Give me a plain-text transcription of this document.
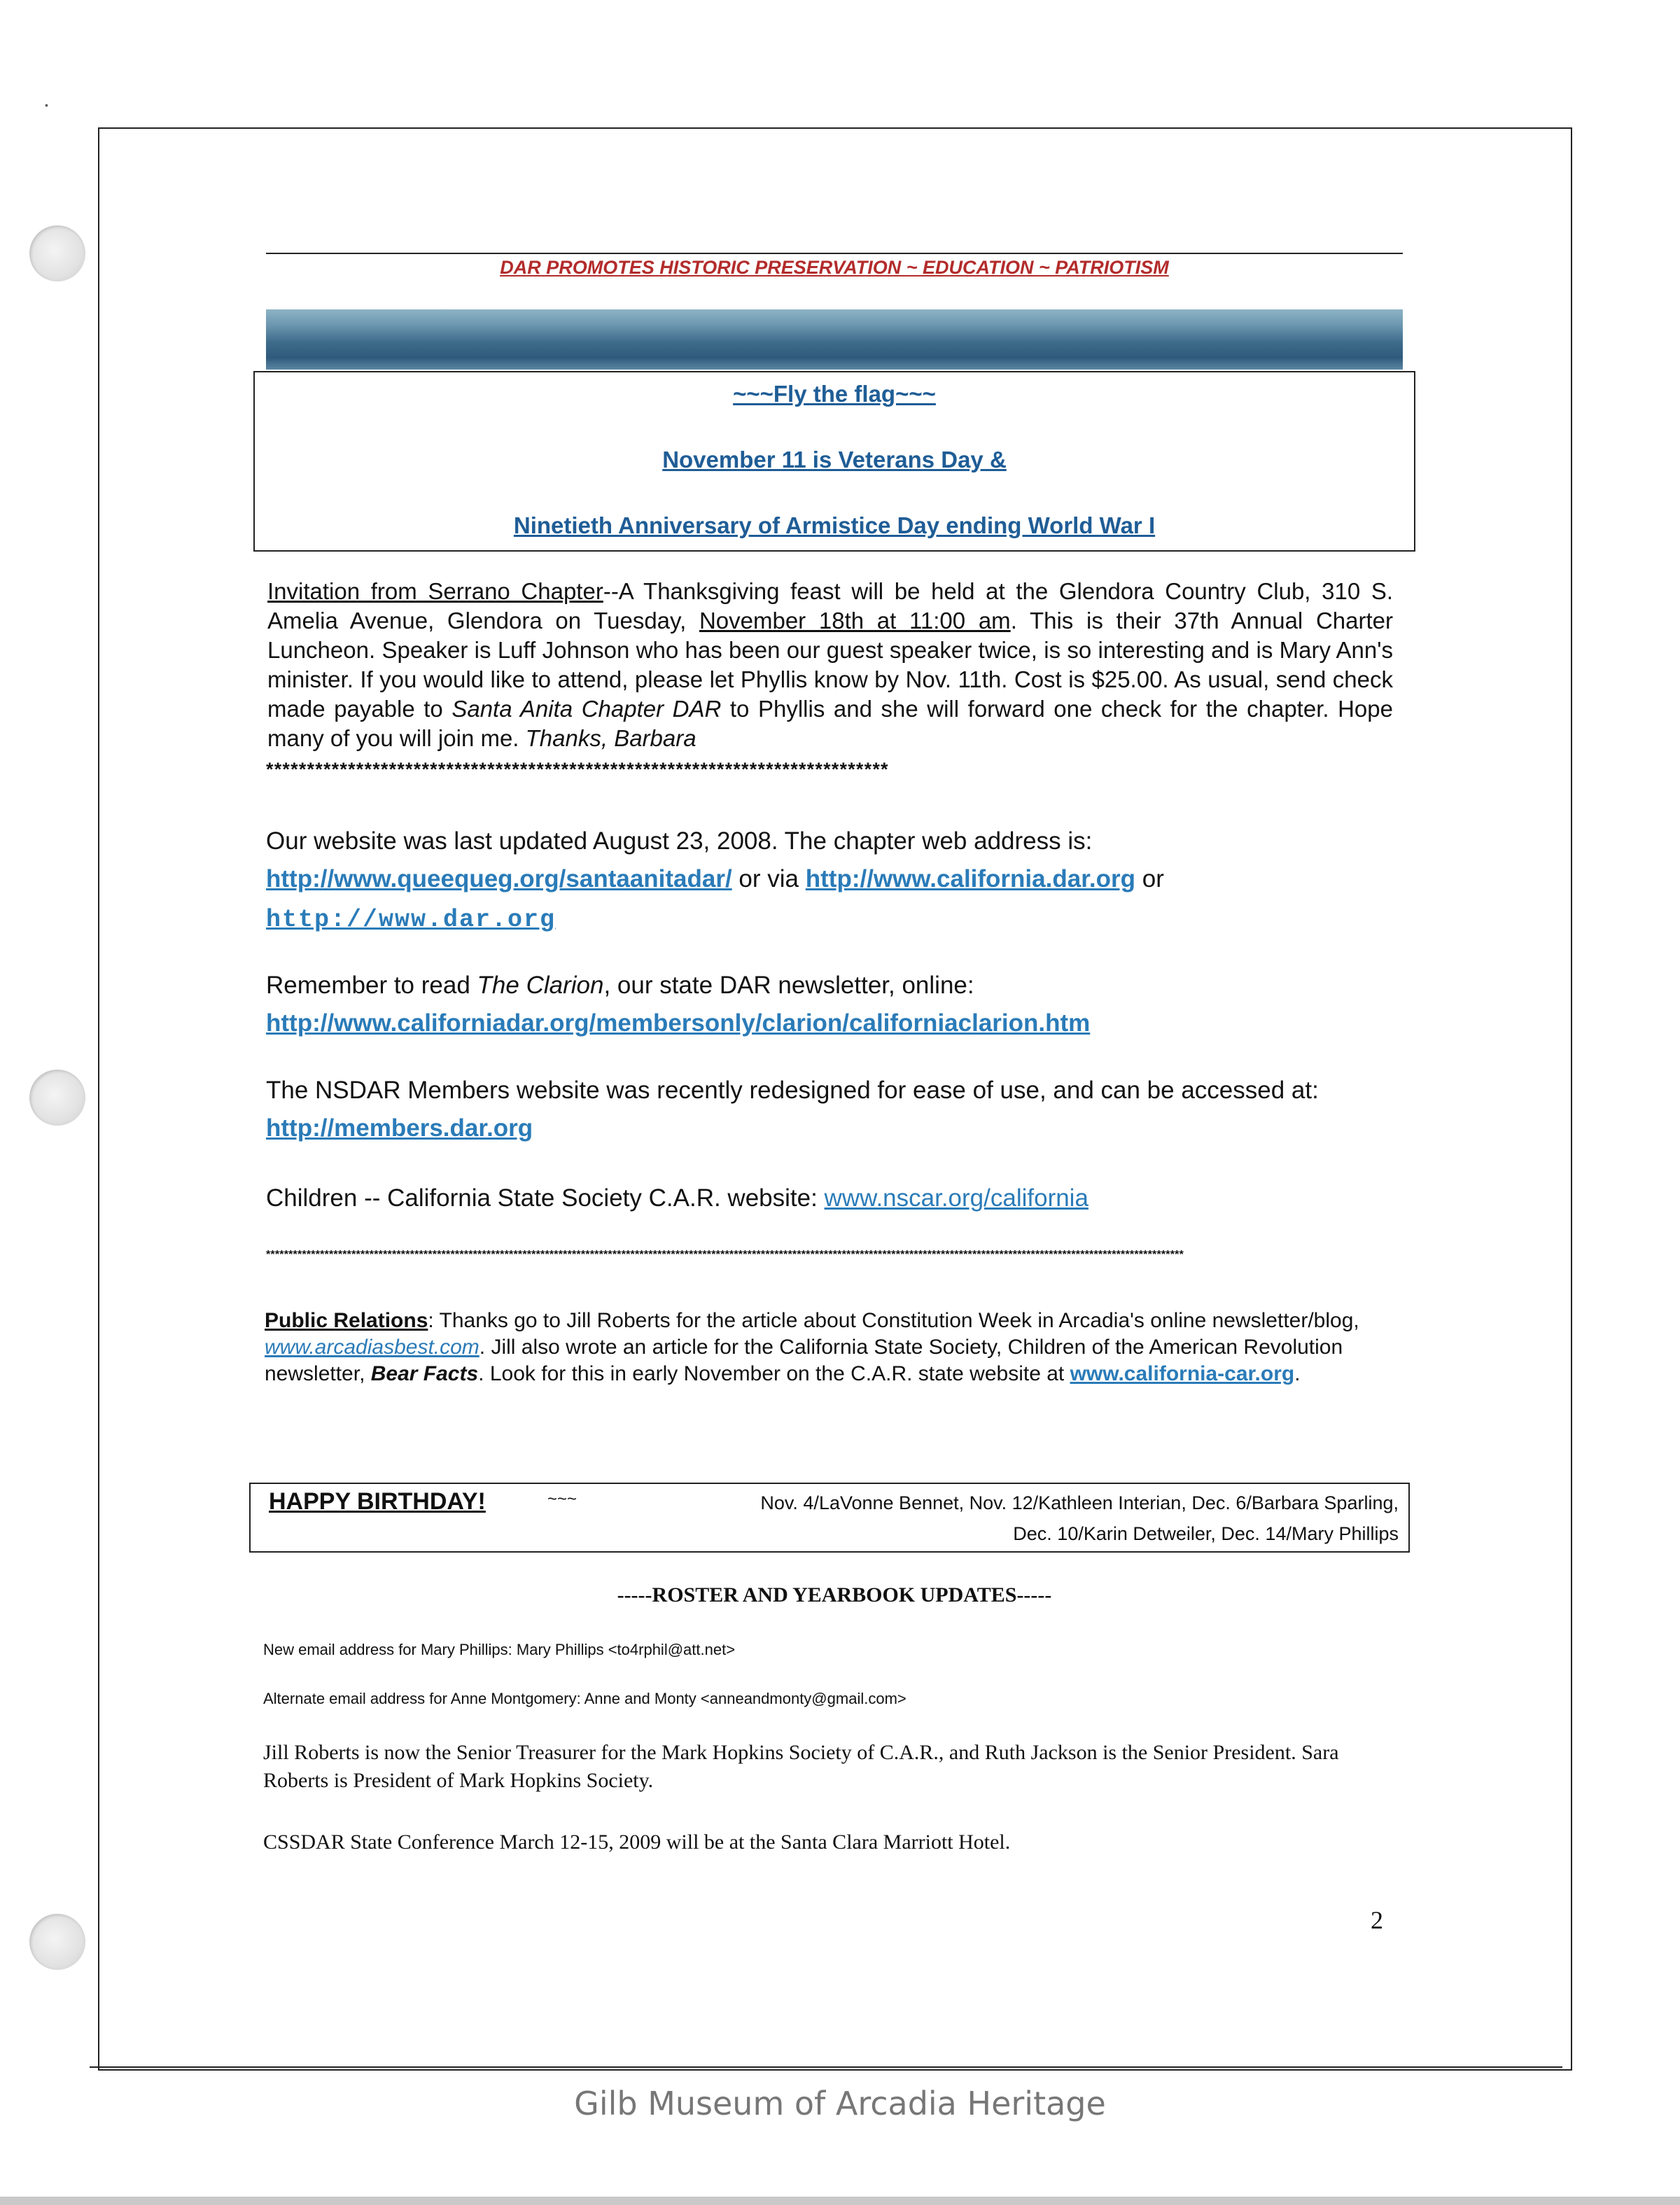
•
DAR PROMOTES HISTORIC PRESERVATION ~ EDUCATION ~ PATRIOTISM
~~~Fly the flag~~~
November 11 is Veterans Day &
Ninetieth Anniversary of Armistice Day ending World War I
Invitation from Serrano Chapter--A Thanksgiving feast will be held at the Glendora Country Club, 310 S. Amelia Avenue, Glendora on Tuesday, November 18th at 11:00 am. This is their 37th Annual Charter Luncheon. Speaker is Luff Johnson who has been our guest speaker twice, is so interesting and is Mary Ann's minister. If you would like to attend, please let Phyllis know by Nov. 11th. Cost is $25.00. As usual, send check made payable to Santa Anita Chapter DAR to Phyllis and she will forward one check for the chapter. Hope many of you will join me. Thanks, Barbara
****************************************************************************
Our website was last updated August 23, 2008. The chapter web address is:
http://www.queequeg.org/santaanitadar/ or via http://www.california.dar.org or
http://www.dar.org
Remember to read The Clarion, our state DAR newsletter, online:
http://www.californiadar.org/membersonly/clarion/californiaclarion.htm
The NSDAR Members website was recently redesigned for ease of use, and can be accessed at:
http://members.dar.org
Children -- California State Society C.A.R. website: www.nscar.org/california
************************************************************************************************************************************************************************************************************
Public Relations: Thanks go to Jill Roberts for the article about Constitution Week in Arcadia's online newsletter/blog, www.arcadiasbest.com. Jill also wrote an article for the California State Society, Children of the American Revolution newsletter, Bear Facts. Look for this in early November on the C.A.R. state website at www.california-car.org.
HAPPY BIRTHDAY!	~~~	Nov. 4/LaVonne Bennet, Nov. 12/Kathleen Interian, Dec. 6/Barbara Sparling,
Dec. 10/Karin Detweiler, Dec. 14/Mary Phillips
-----ROSTER AND YEARBOOK UPDATES-----
New email address for Mary Phillips: Mary Phillips <to4rphil@att.net>
Alternate email address for Anne Montgomery: Anne and Monty <anneandmonty@gmail.com>
Jill Roberts is now the Senior Treasurer for the Mark Hopkins Society of C.A.R., and Ruth Jackson is the Senior President. Sara Roberts is President of Mark Hopkins Society.
CSSDAR State Conference March 12-15, 2009 will be at the Santa Clara Marriott Hotel.
2
Gilb Museum of Arcadia Heritage
